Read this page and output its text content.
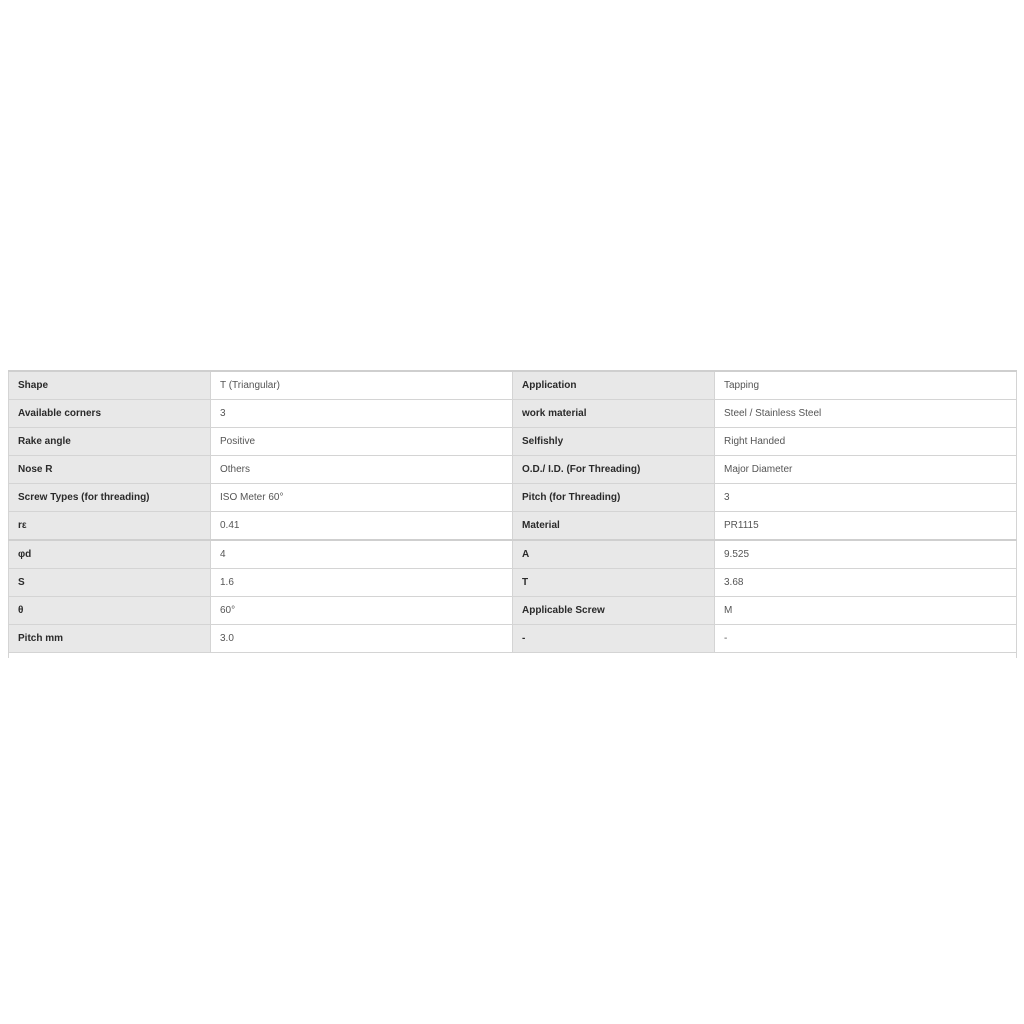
Shape	T (Triangular)	Application	Tapping
Available corners	3	work material	Steel / Stainless Steel
Rake angle	Positive	Selfishly	Right Handed
Nose R	Others	O.D./ I.D. (For Threading)	Major Diameter
Screw Types (for threading)	ISO Meter 60°	Pitch (for Threading)	3
rε	0.41	Material	PR1115
φd	4	A	9.525
S	1.6	T	3.68
θ	60°	Applicable Screw	M
Pitch mm	3.0	-	-
